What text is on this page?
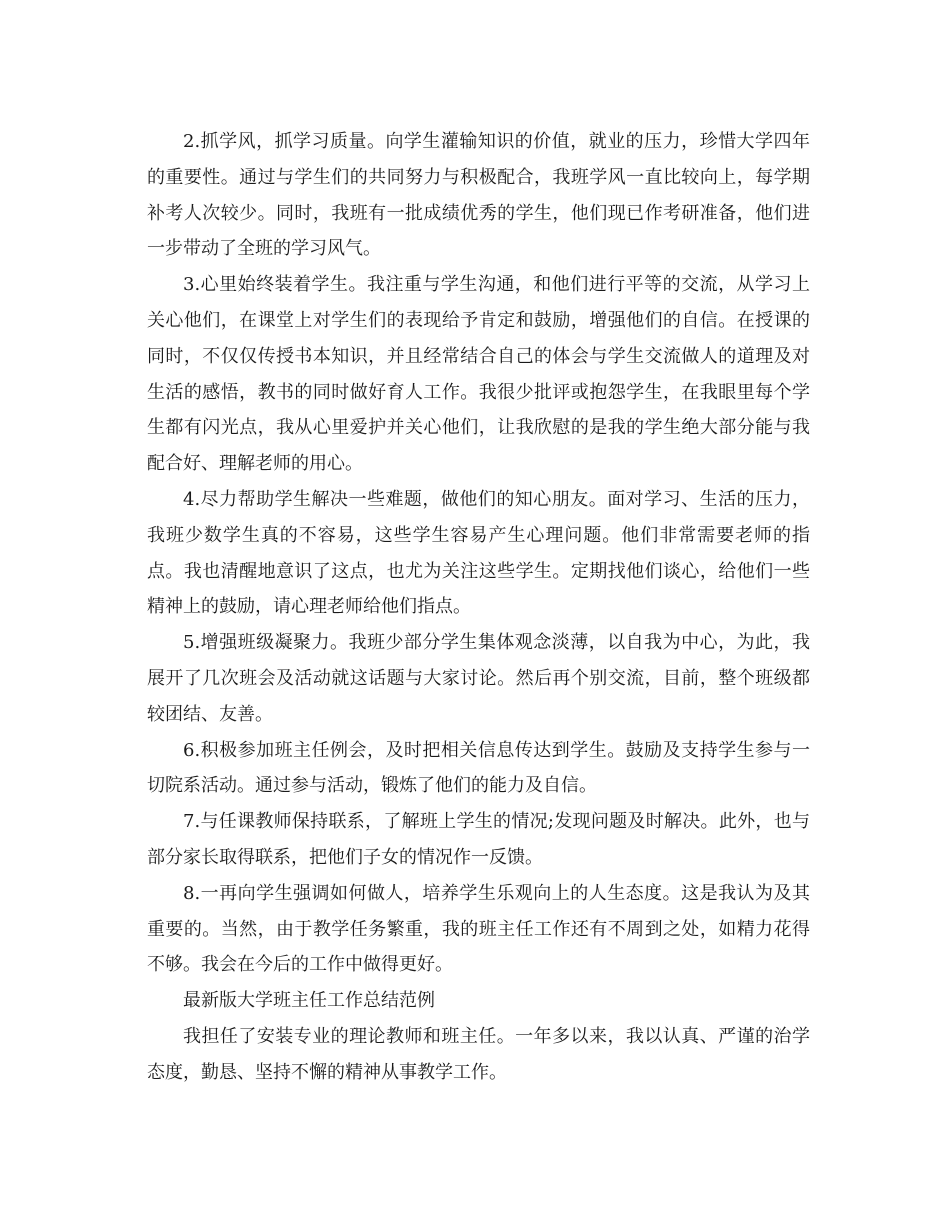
2.抓学风，抓学习质量。向学生灌输知识的价值，就业的压力，珍惜大学四年的重要性。通过与学生们的共同努力与积极配合，我班学风一直比较向上，每学期补考人次较少。同时，我班有一批成绩优秀的学生，他们现已作考研准备，他们进一步带动了全班的学习风气。

3.心里始终装着学生。我注重与学生沟通，和他们进行平等的交流，从学习上关心他们，在课堂上对学生们的表现给予肯定和鼓励，增强他们的自信。在授课的同时，不仅仅传授书本知识，并且经常结合自己的体会与学生交流做人的道理及对生活的感悟，教书的同时做好育人工作。我很少批评或抱怨学生，在我眼里每个学生都有闪光点，我从心里爱护并关心他们，让我欣慰的是我的学生绝大部分能与我配合好、理解老师的用心。

4.尽力帮助学生解决一些难题，做他们的知心朋友。面对学习、生活的压力，我班少数学生真的不容易，这些学生容易产生心理问题。他们非常需要老师的指点。我也清醒地意识了这点，也尤为关注这些学生。定期找他们谈心，给他们一些精神上的鼓励，请心理老师给他们指点。

5.增强班级凝聚力。我班少部分学生集体观念淡薄，以自我为中心，为此，我展开了几次班会及活动就这话题与大家讨论。然后再个别交流，目前，整个班级都较团结、友善。

6.积极参加班主任例会，及时把相关信息传达到学生。鼓励及支持学生参与一切院系活动。通过参与活动，锻炼了他们的能力及自信。

7.与任课教师保持联系，了解班上学生的情况;发现问题及时解决。此外，也与部分家长取得联系，把他们子女的情况作一反馈。

8.一再向学生强调如何做人，培养学生乐观向上的人生态度。这是我认为及其重要的。当然，由于教学任务繁重，我的班主任工作还有不周到之处，如精力花得不够。我会在今后的工作中做得更好。

最新版大学班主任工作总结范例

我担任了安装专业的理论教师和班主任。一年多以来，我以认真、严谨的治学态度，勤恳、坚持不懈的精神从事教学工作。
